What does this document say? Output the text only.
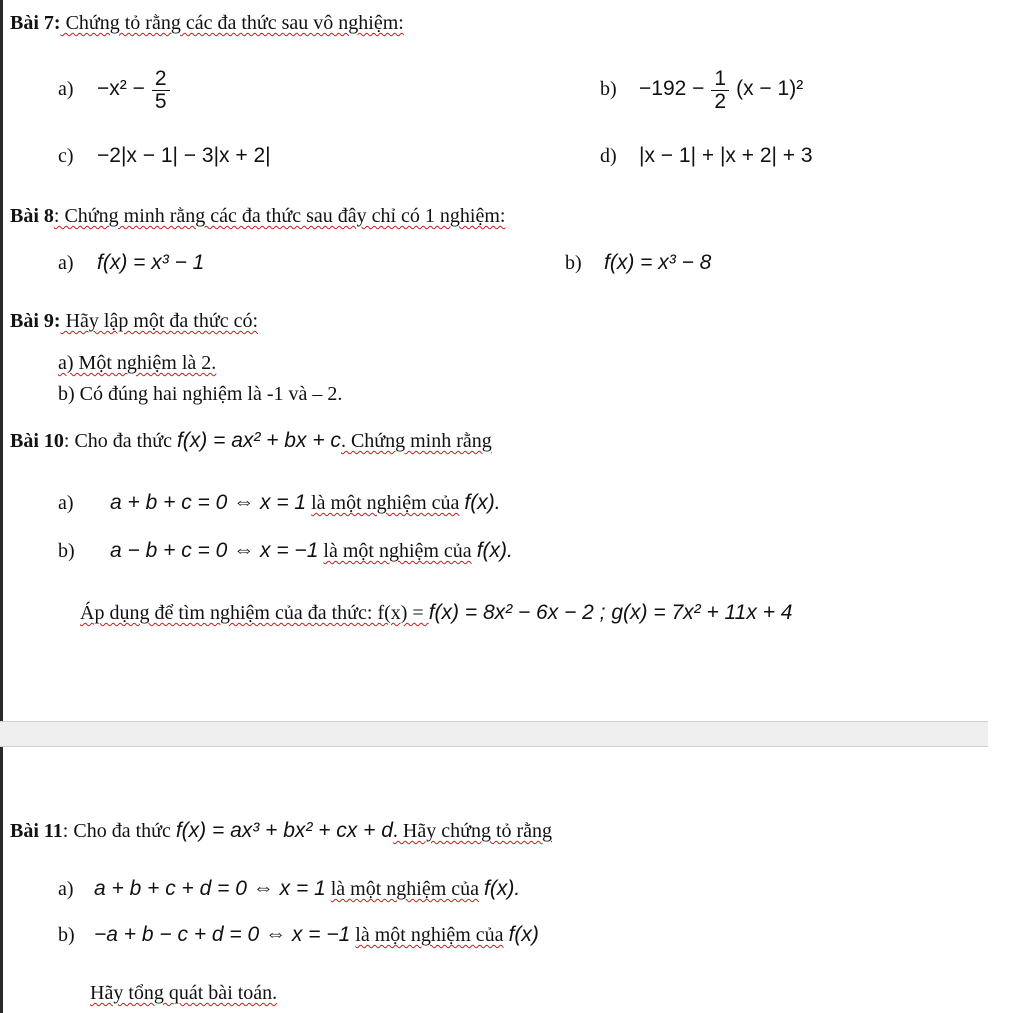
Bài 7: Chứng tỏ rằng các đa thức sau vô nghiệm:
$a) -x^2 - \frac{2}{5}$	$b) -192 - \frac{1}{2} (x - 1)^2$
c) −2|x − 1| − 3|x + 2|	d) |x − 1| + |x + 2| + 3
Bài 8: Chứng minh rằng các đa thức sau đây chỉ có 1 nghiệm:
a) f(x) = x³ − 1	b) f(x) = x³ − 8
Bài 9: Hãy lập một đa thức có:
a) Một nghiệm là 2.
b) Có đúng hai nghiệm là -1 và – 2.
Bài 10: Cho đa thức f(x) = ax² + bx + c. Chứng minh rằng
a) a + b + c = 0 ⇔ x = 1 là một nghiệm của f(x).
b) a − b + c = 0 ⇔ x = −1 là một nghiệm của f(x).
Áp dụng để tìm nghiệm của đa thức: f(x) = f(x) = 8x² − 6x − 2 ; g(x) = 7x² + 11x + 4
Bài 11: Cho đa thức f(x) = ax³ + bx² + cx + d. Hãy chứng tỏ rằng
a) a + b + c + d = 0 ⇔ x = 1 là một nghiệm của f(x).
b) −a + b − c + d = 0 ⇔ x = −1 là một nghiệm của f(x)
Hãy tổng quát bài toán.
